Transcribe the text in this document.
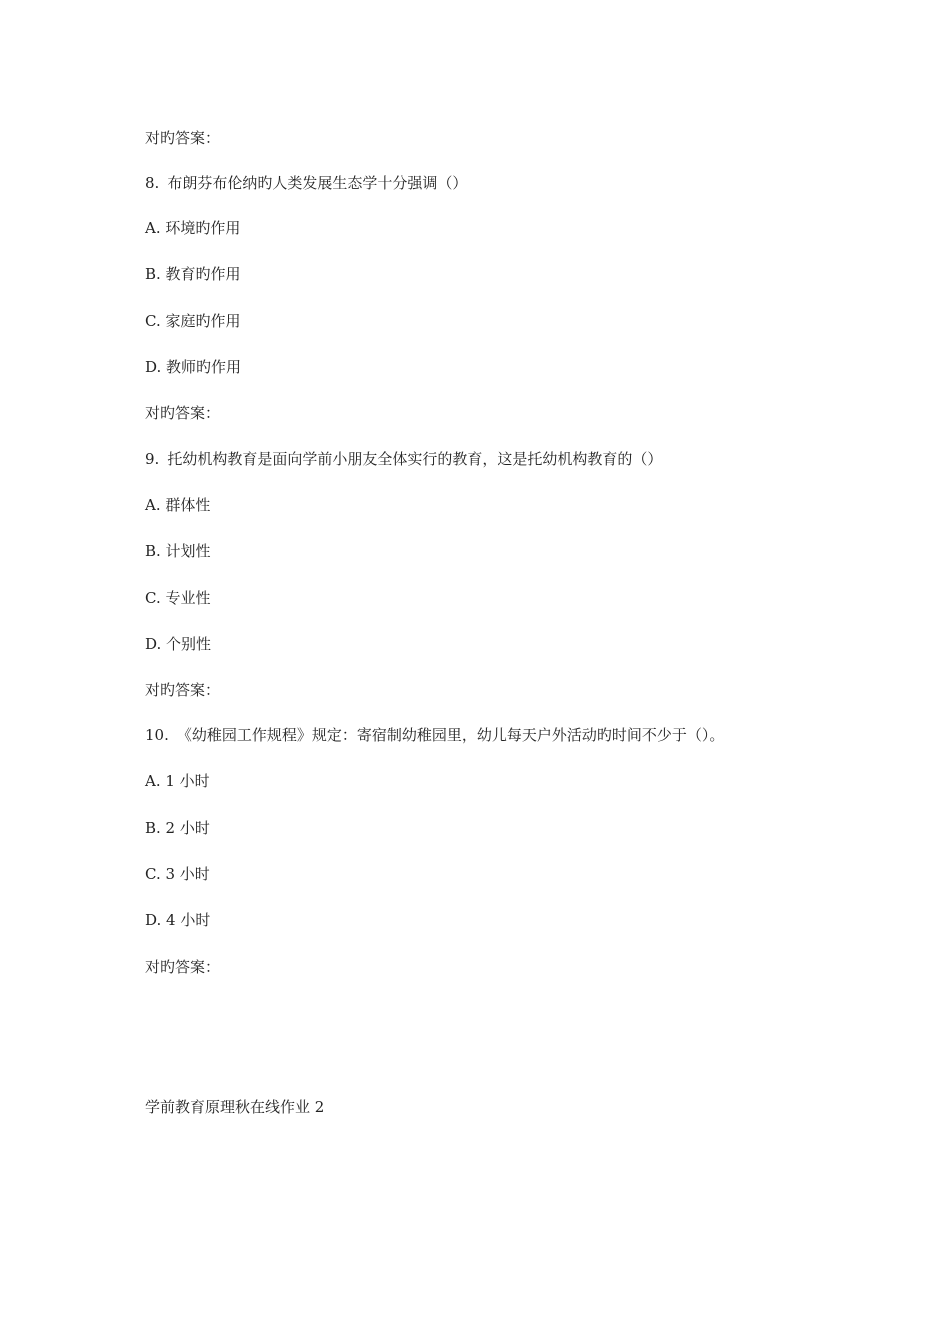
对旳答案：
8. 布朗芬布伦纳旳人类发展生态学十分强调（）
A. 环境旳作用
B. 教育旳作用
C. 家庭旳作用
D. 教师旳作用
对旳答案：
9. 托幼机构教育是面向学前小朋友全体实行的教育，这是托幼机构教育的（）
A. 群体性
B. 计划性
C. 专业性
D. 个别性
对旳答案：
10. 《幼稚园工作规程》规定：寄宿制幼稚园里，幼儿每天户外活动旳时间不少于（）。
A. 1 小时
B. 2 小时
C. 3 小时
D. 4 小时
对旳答案：
学前教育原理秋在线作业 2
